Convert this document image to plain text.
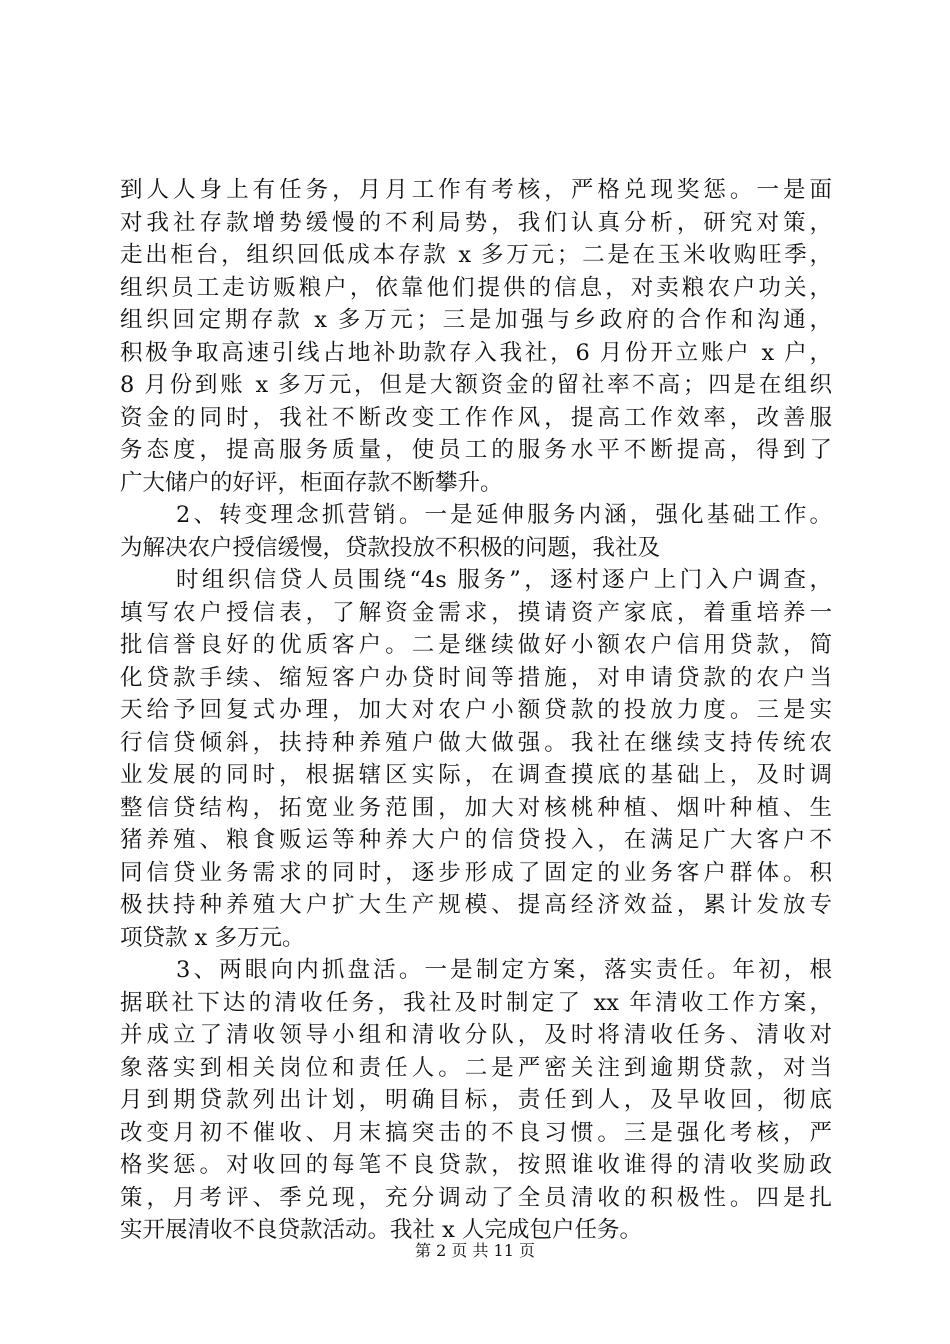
到人人身上有任务，月月工作有考核，严格兑现奖惩。一是面
对我社存款增势缓慢的不利局势，我们认真分析，研究对策，
走出柜台，组织回低成本存款 x 多万元；二是在玉米收购旺季，
组织员工走访贩粮户，依靠他们提供的信息，对卖粮农户功关，
组织回定期存款 x 多万元；三是加强与乡政府的合作和沟通，
积极争取高速引线占地补助款存入我社，6 月份开立账户 x 户，
8 月份到账 x 多万元，但是大额资金的留社率不高；四是在组织
资金的同时，我社不断改变工作作风，提高工作效率，改善服
务态度，提高服务质量，使员工的服务水平不断提高，得到了
广大储户的好评，柜面存款不断攀升。
2、转变理念抓营销。一是延伸服务内涵，强化基础工作。
为解决农户授信缓慢，贷款投放不积极的问题，我社及
时组织信贷人员围绕“4s 服务”，逐村逐户上门入户调查，
填写农户授信表，了解资金需求，摸请资产家底，着重培养一
批信誉良好的优质客户。二是继续做好小额农户信用贷款，简
化贷款手续、缩短客户办贷时间等措施，对申请贷款的农户当
天给予回复式办理，加大对农户小额贷款的投放力度。三是实
行信贷倾斜，扶持种养殖户做大做强。我社在继续支持传统农
业发展的同时，根据辖区实际，在调查摸底的基础上，及时调
整信贷结构，拓宽业务范围，加大对核桃种植、烟叶种植、生
猪养殖、粮食贩运等种养大户的信贷投入，在满足广大客户不
同信贷业务需求的同时，逐步形成了固定的业务客户群体。积
极扶持种养殖大户扩大生产规模、提高经济效益，累计发放专
项贷款 x 多万元。
3、两眼向内抓盘活。一是制定方案，落实责任。年初，根
据联社下达的清收任务，我社及时制定了 xx 年清收工作方案，
并成立了清收领导小组和清收分队，及时将清收任务、清收对
象落实到相关岗位和责任人。二是严密关注到逾期贷款，对当
月到期贷款列出计划，明确目标，责任到人，及早收回，彻底
改变月初不催收、月末搞突击的不良习惯。三是强化考核，严
格奖惩。对收回的每笔不良贷款，按照谁收谁得的清收奖励政
策，月考评、季兑现，充分调动了全员清收的积极性。四是扎
实开展清收不良贷款活动。我社 x 人完成包户任务。
第 2 页 共 11 页
